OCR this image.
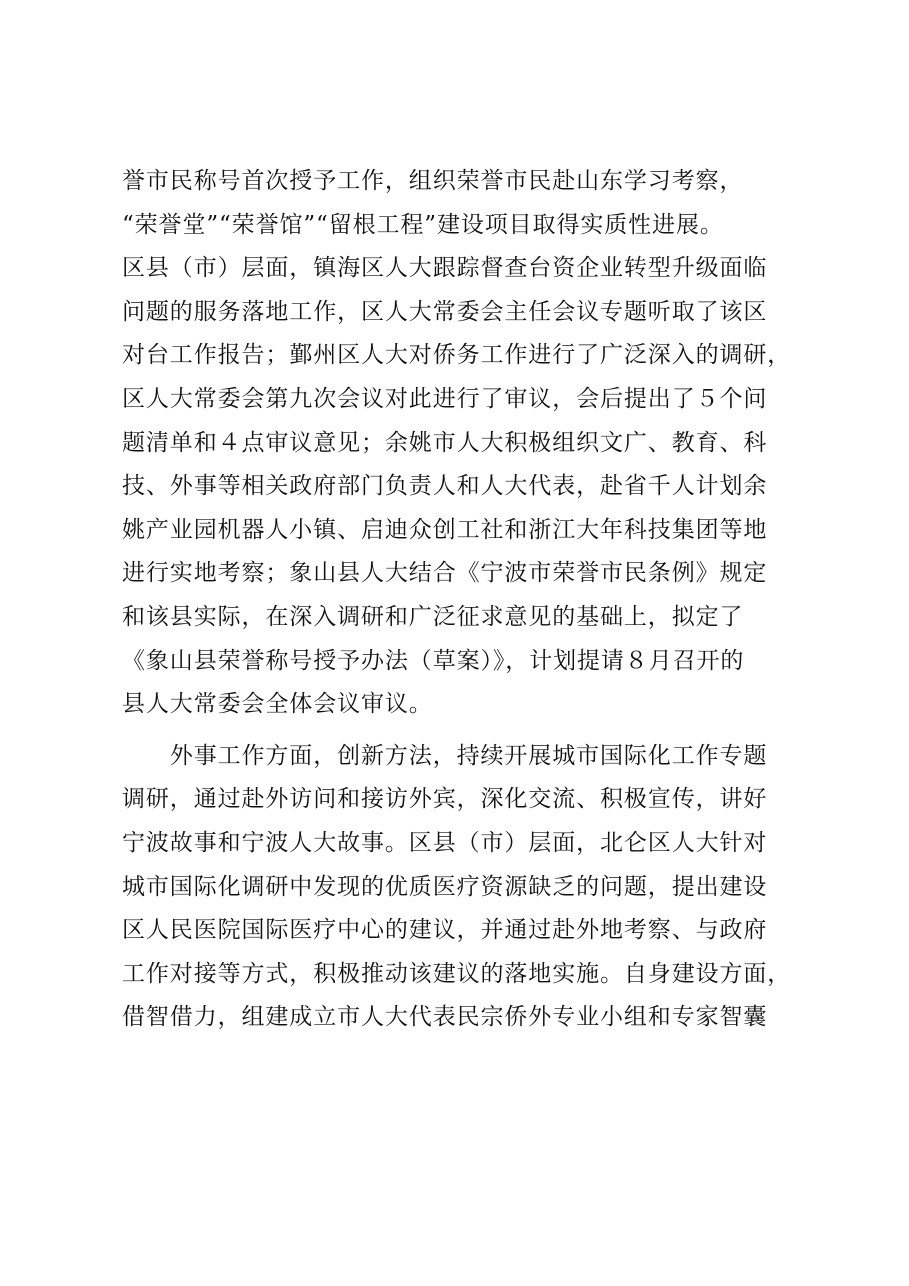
誉市民称号首次授予工作，组织荣誉市民赴山东学习考察，
“荣誉堂”“荣誉馆”“留根工程”建设项目取得实质性进展。
区县（市）层面，镇海区人大跟踪督查台资企业转型升级面临
问题的服务落地工作，区人大常委会主任会议专题听取了该区
对台工作报告；鄞州区人大对侨务工作进行了广泛深入的调研，
区人大常委会第九次会议对此进行了审议，会后提出了５个问
题清单和４点审议意见；余姚市人大积极组织文广、教育、科
技、外事等相关政府部门负责人和人大代表，赴省千人计划余
姚产业园机器人小镇、启迪众创工社和浙江大年科技集团等地
进行实地考察；象山县人大结合《宁波市荣誉市民条例》规定
和该县实际，在深入调研和广泛征求意见的基础上，拟定了
《象山县荣誉称号授予办法（草案）》，计划提请８月召开的
县人大常委会全体会议审议。
　　外事工作方面，创新方法，持续开展城市国际化工作专题
调研，通过赴外访问和接访外宾，深化交流、积极宣传，讲好
宁波故事和宁波人大故事。区县（市）层面，北仑区人大针对
城市国际化调研中发现的优质医疗资源缺乏的问题，提出建设
区人民医院国际医疗中心的建议，并通过赴外地考察、与政府
工作对接等方式，积极推动该建议的落地实施。自身建设方面，
借智借力，组建成立市人大代表民宗侨外专业小组和专家智囊
